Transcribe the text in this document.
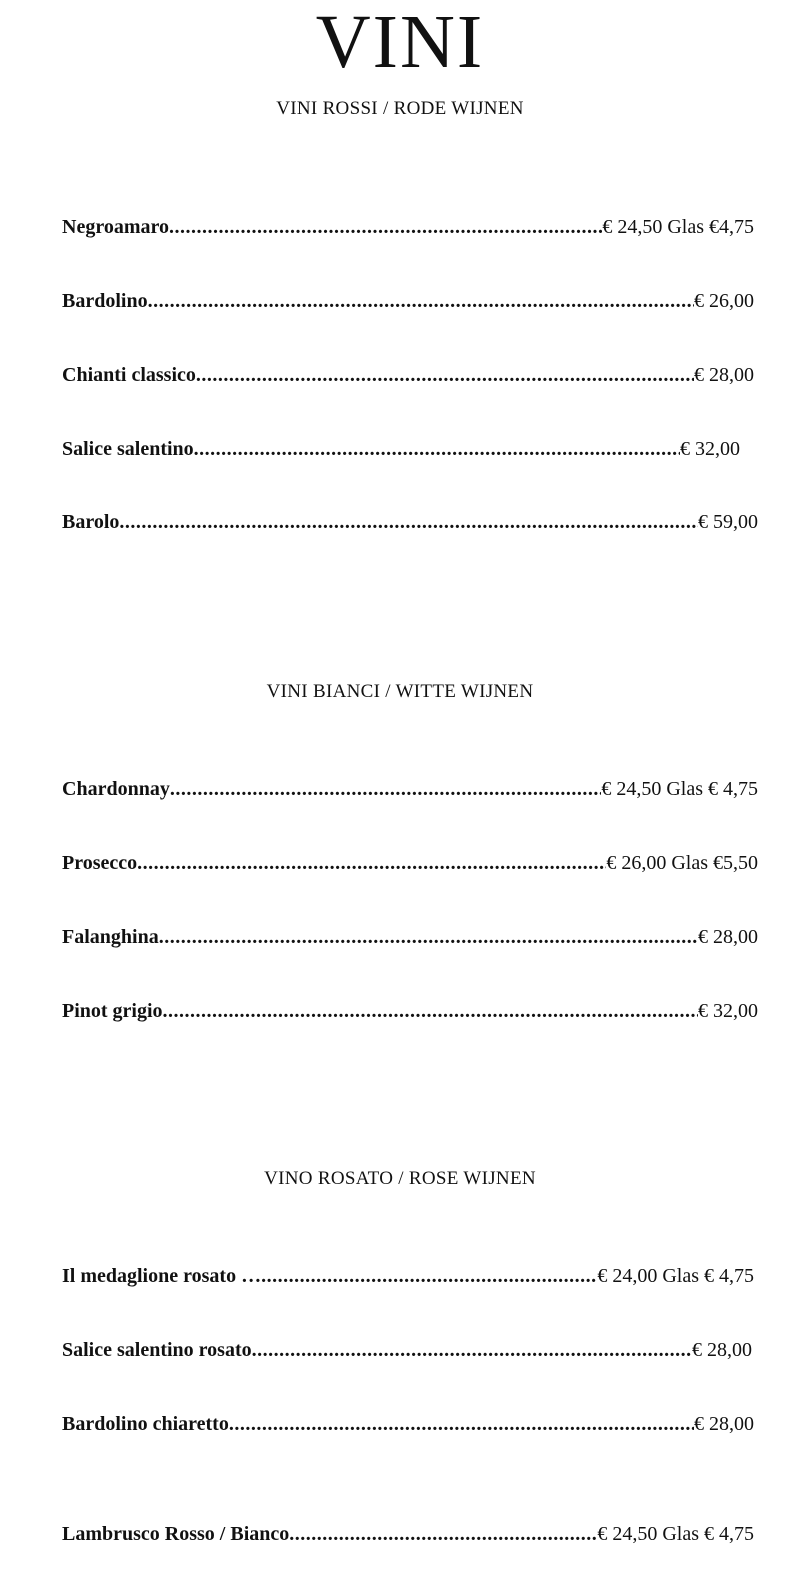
VINI
VINI ROSSI / RODE WIJNEN
Negroamaro .....	€ 24,50 Glas €4,75
Bardolino .....	€ 26,00
Chianti classico .....	€ 28,00
Salice salentino .....	€ 32,00
Barolo .....	€ 59,00
VINI BIANCI / WITTE WIJNEN
Chardonnay .....	€ 24,50 Glas € 4,75
Prosecco .....	€ 26,00 Glas €5,50
Falanghina .....	€ 28,00
Pinot grigio .....	€ 32,00
VINO ROSATO / ROSE WIJNEN
Il medaglione rosato … .....	€ 24,00 Glas € 4,75
Salice salentino rosato .....	€ 28,00
Bardolino chiaretto .....	€ 28,00
Lambrusco Rosso / Bianco .....	€ 24,50 Glas € 4,75
